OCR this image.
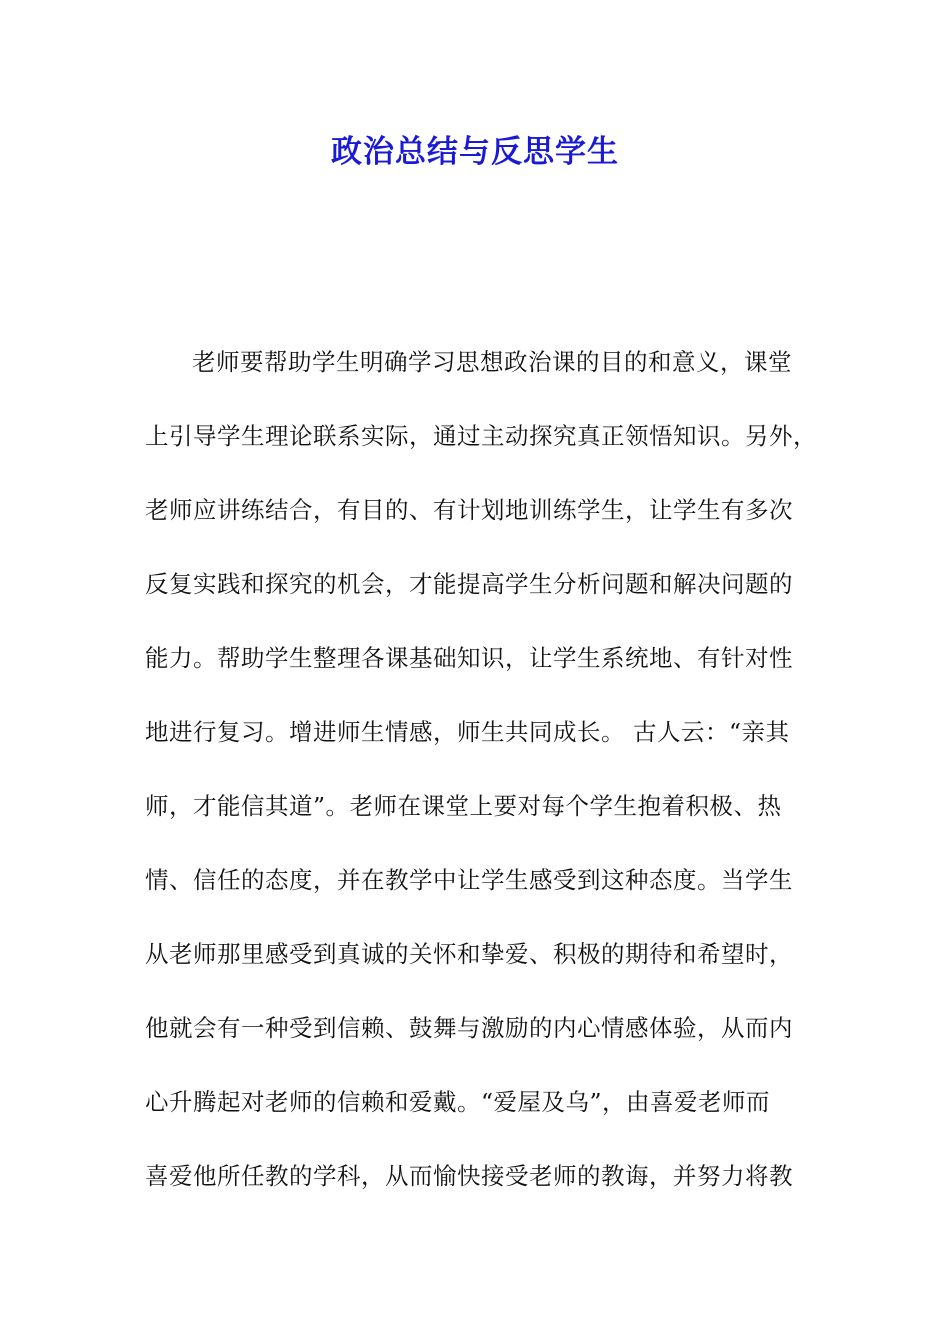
政治总结与反思学生
老师要帮助学生明确学习思想政治课的目的和意义，课堂
上引导学生理论联系实际，通过主动探究真正领悟知识。另外，
老师应讲练结合，有目的、有计划地训练学生，让学生有多次
反复实践和探究的机会，才能提高学生分析问题和解决问题的
能力。帮助学生整理各课基础知识，让学生系统地、有针对性
地进行复习。增进师生情感，师生共同成长。 古人云：“亲其
师，才能信其道”。老师在课堂上要对每个学生抱着积极、热
情、信任的态度，并在教学中让学生感受到这种态度。当学生
从老师那里感受到真诚的关怀和挚爱、积极的期待和希望时，
他就会有一种受到信赖、鼓舞与激励的内心情感体验，从而内
心升腾起对老师的信赖和爱戴。“爱屋及乌”，由喜爱老师而
喜爱他所任教的学科，从而愉快接受老师的教诲，并努力将教
